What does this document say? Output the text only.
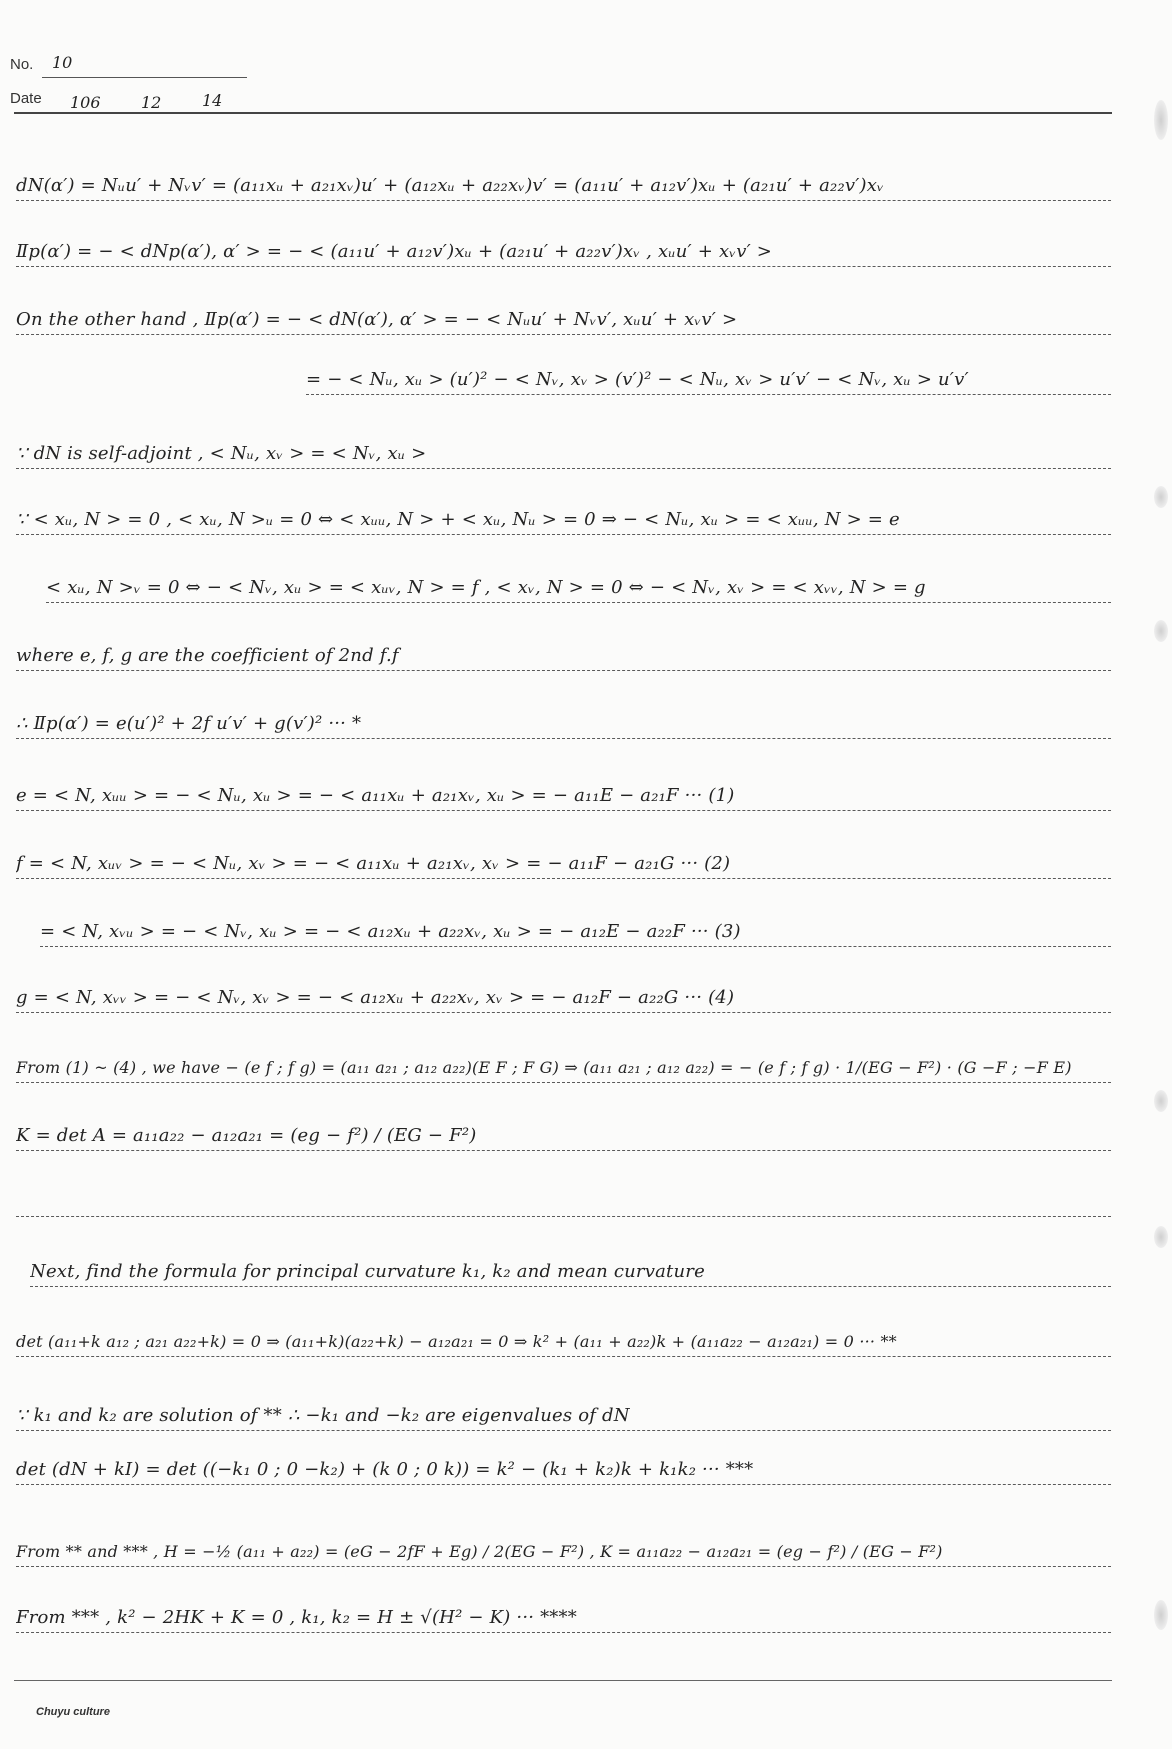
No. 10
Date 106	12	14
dN(α′) = Nᵤu′ + Nᵥv′ = (a₁₁xᵤ + a₂₁xᵥ)u′ + (a₁₂xᵤ + a₂₂xᵥ)v′ = (a₁₁u′ + a₁₂v′)xᵤ + (a₂₁u′ + a₂₂v′)xᵥ
Ⅱp(α′) = − < dNp(α′), α′ > = − < (a₁₁u′ + a₁₂v′)xᵤ + (a₂₁u′ + a₂₂v′)xᵥ , xᵤu′ + xᵥv′ >
On the other hand , Ⅱp(α′) = − < dN(α′), α′ > = − < Nᵤu′ + Nᵥv′, xᵤu′ + xᵥv′ >
= − < Nᵤ, xᵤ > (u′)² − < Nᵥ, xᵥ > (v′)² − < Nᵤ, xᵥ > u′v′ − < Nᵥ, xᵤ > u′v′
∵ dN is self-adjoint , < Nᵤ, xᵥ > = < Nᵥ, xᵤ >
∵ < xᵤ, N > = 0 , < xᵤ, N >ᵤ = 0 ⇔ < xᵤᵤ, N > + < xᵤ, Nᵤ > = 0 ⇒ − < Nᵤ, xᵤ > = < xᵤᵤ, N > = e
< xᵤ, N >ᵥ = 0 ⇔ − < Nᵥ, xᵤ > = < xᵤᵥ, N > = f , < xᵥ, N > = 0 ⇔ − < Nᵥ, xᵥ > = < xᵥᵥ, N > = g
where e, f, g are the coefficient of 2nd f.f
∴ Ⅱp(α′) = e(u′)² + 2f u′v′ + g(v′)² ··· *
e = < N, xᵤᵤ > = − < Nᵤ, xᵤ > = − < a₁₁xᵤ + a₂₁xᵥ, xᵤ > = − a₁₁E − a₂₁F ··· (1)
f = < N, xᵤᵥ > = − < Nᵤ, xᵥ > = − < a₁₁xᵤ + a₂₁xᵥ, xᵥ > = − a₁₁F − a₂₁G ··· (2)
= < N, xᵥᵤ > = − < Nᵥ, xᵤ > = − < a₁₂xᵤ + a₂₂xᵥ, xᵤ > = − a₁₂E − a₂₂F ··· (3)
g = < N, xᵥᵥ > = − < Nᵥ, xᵥ > = − < a₁₂xᵤ + a₂₂xᵥ, xᵥ > = − a₁₂F − a₂₂G ··· (4)
From (1) ~ (4) , we have − (e f ; f g) = (a₁₁ a₂₁ ; a₁₂ a₂₂)(E F ; F G) ⇒ (a₁₁ a₂₁ ; a₁₂ a₂₂) = − (e f ; f g) · 1/(EG − F²) · (G −F ; −F E)
K = det A = a₁₁a₂₂ − a₁₂a₂₁ = (eg − f²) / (EG − F²)
Next, find the formula for principal curvature k₁, k₂ and mean curvature
det (a₁₁+k a₁₂ ; a₂₁ a₂₂+k) = 0 ⇒ (a₁₁+k)(a₂₂+k) − a₁₂a₂₁ = 0 ⇒ k² + (a₁₁ + a₂₂)k + (a₁₁a₂₂ − a₁₂a₂₁) = 0 ··· **
∵ k₁ and k₂ are solution of ** ∴ −k₁ and −k₂ are eigenvalues of dN
det (dN + kI) = det ((−k₁ 0 ; 0 −k₂) + (k 0 ; 0 k)) = k² − (k₁ + k₂)k + k₁k₂ ··· ***
From ** and *** , H = −½ (a₁₁ + a₂₂) = (eG − 2fF + Eg) / 2(EG − F²) , K = a₁₁a₂₂ − a₁₂a₂₁ = (eg − f²) / (EG − F²)
From *** , k² − 2HK + K = 0 , k₁, k₂ = H ± √(H² − K) ··· ****
Chuyu culture
